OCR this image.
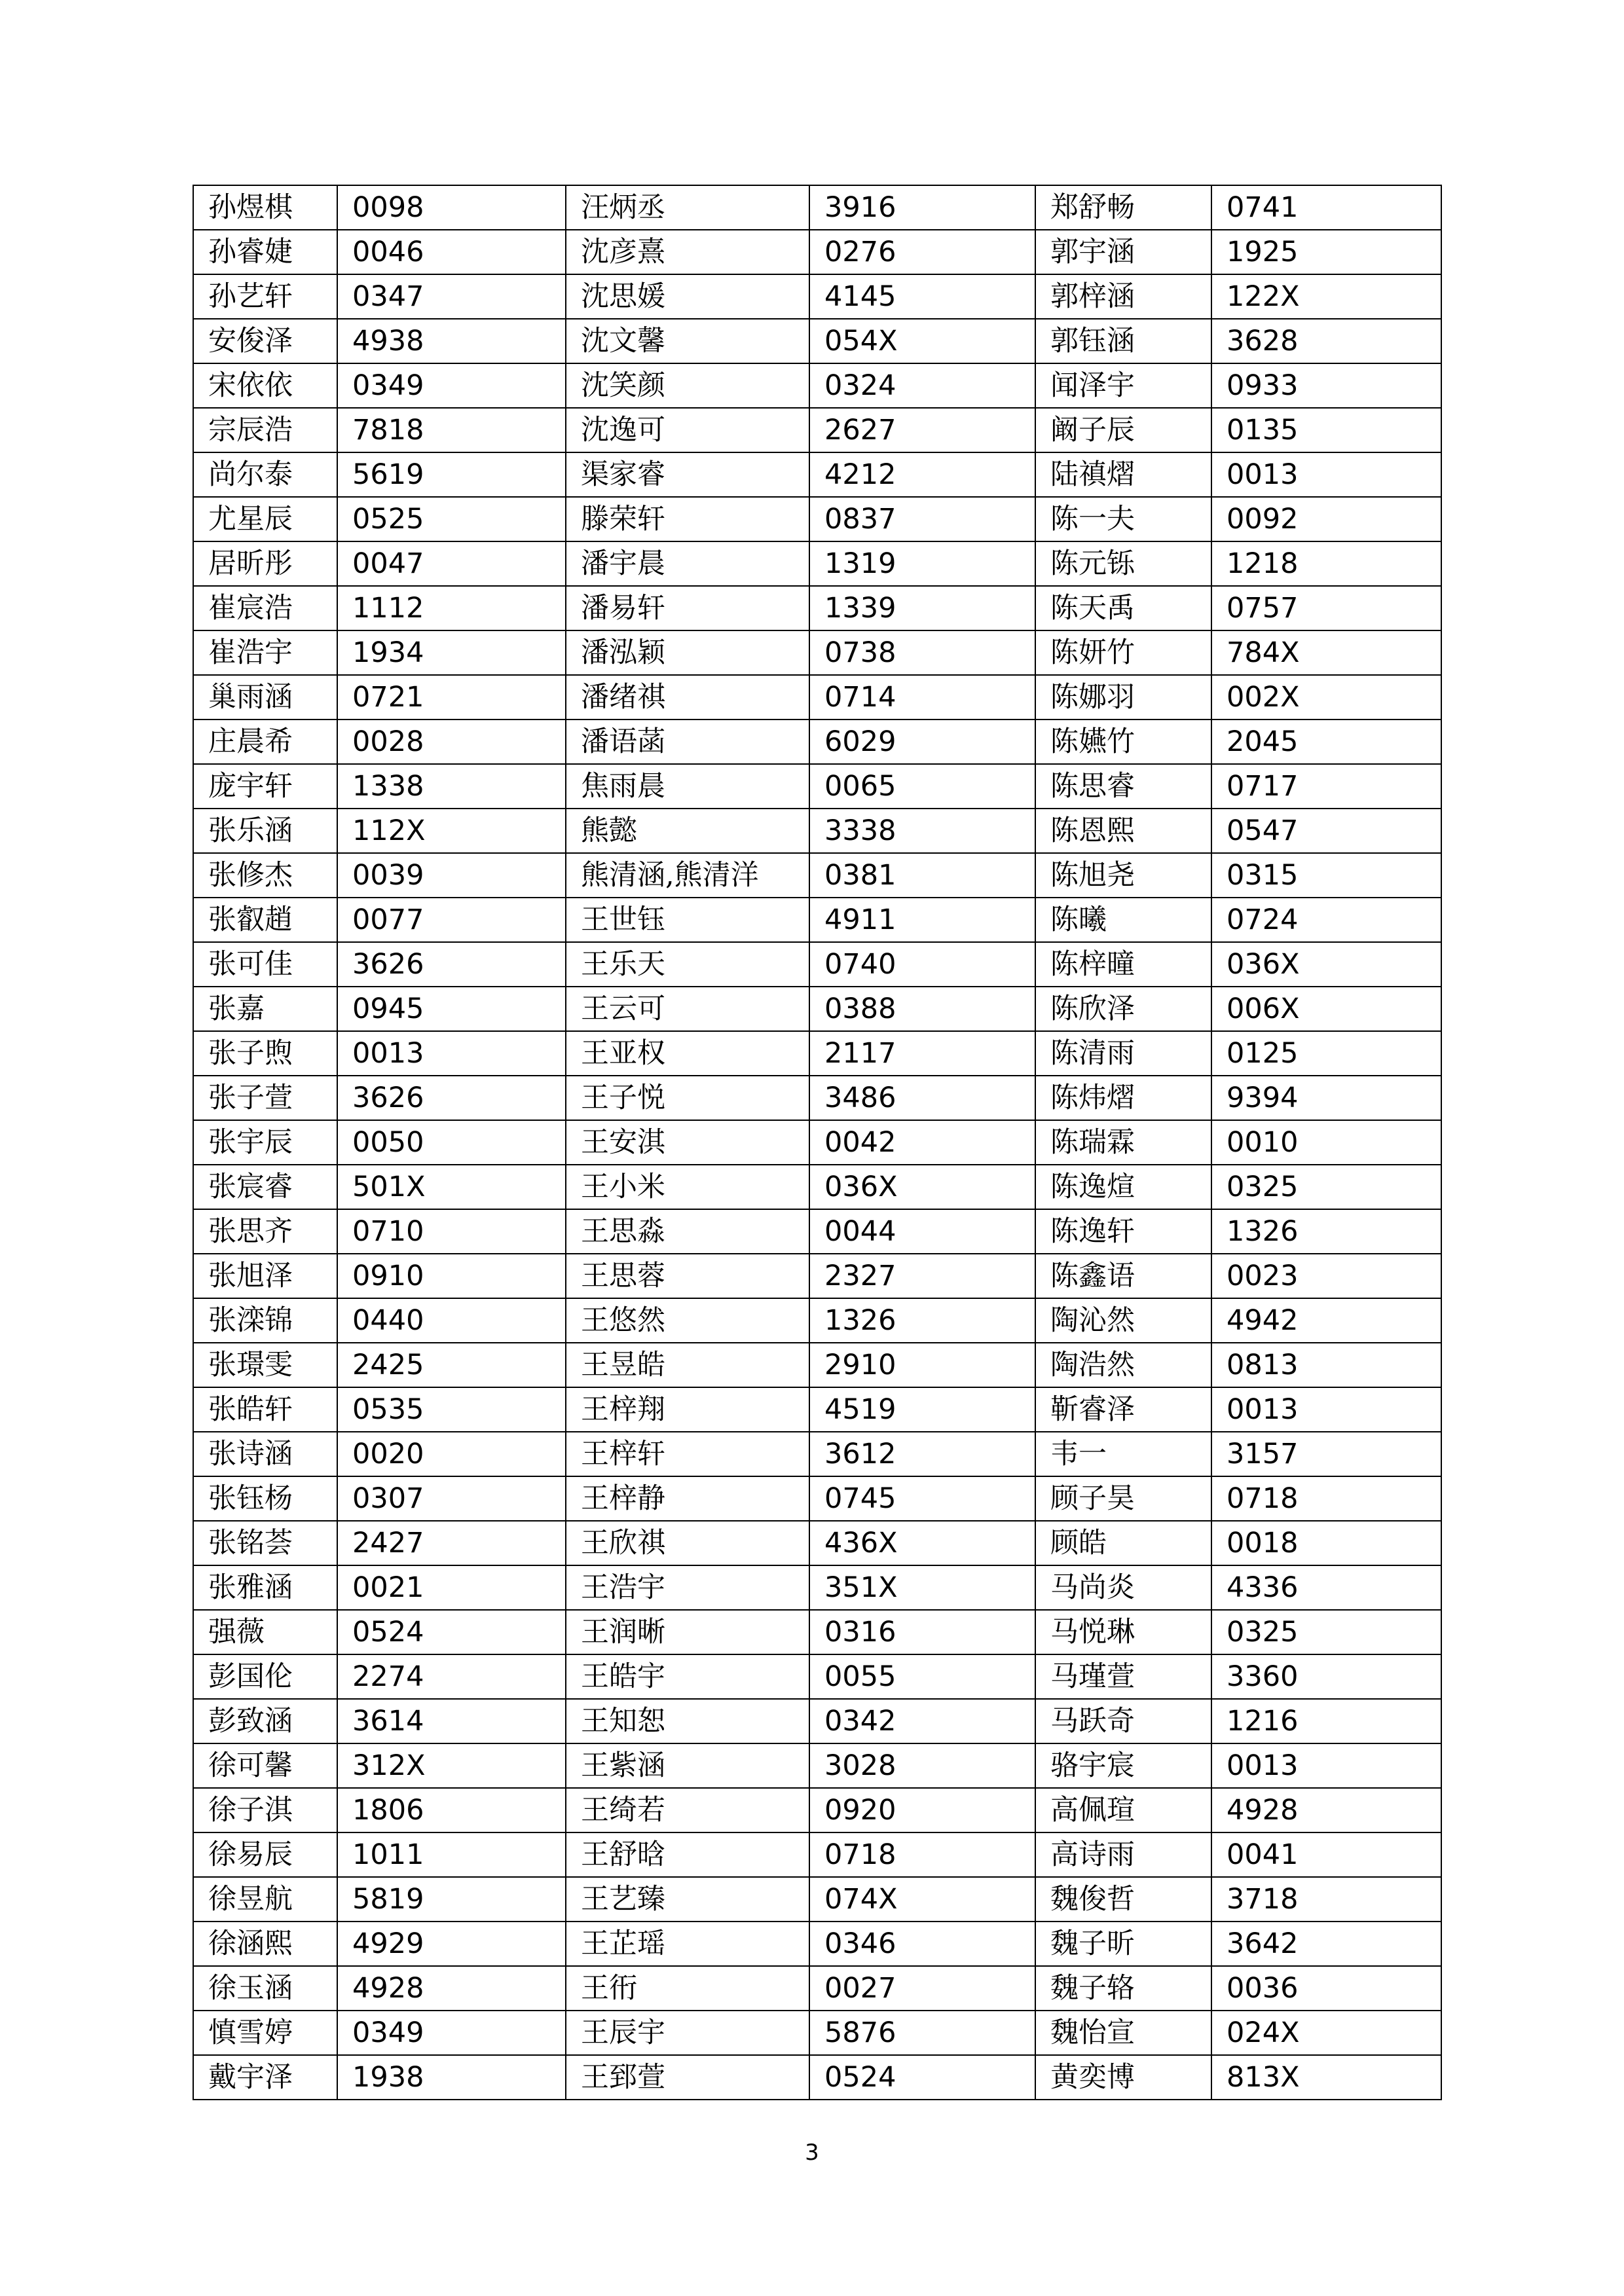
孙煜棋	0098	汪炳丞	3916	郑舒畅	0741
孙睿婕	0046	沈彦熹	0276	郭宇涵	1925
孙艺轩	0347	沈思媛	4145	郭梓涵	122X
安俊泽	4938	沈文馨	054X	郭钰涵	3628
宋依依	0349	沈笑颜	0324	闻泽宇	0933
宗辰浩	7818	沈逸可	2627	阚子辰	0135
尚尔泰	5619	渠家睿	4212	陆禛熠	0013
尤星辰	0525	滕荣轩	0837	陈一夫	0092
居昕彤	0047	潘宇晨	1319	陈元铄	1218
崔宸浩	1112	潘易轩	1339	陈天禹	0757
崔浩宇	1934	潘泓颖	0738	陈妍竹	784X
巢雨涵	0721	潘绪祺	0714	陈娜羽	002X
庄晨希	0028	潘语菡	6029	陈嬿竹	2045
庞宇轩	1338	焦雨晨	0065	陈思睿	0717
张乐涵	112X	熊懿	3338	陈恩熙	0547
张修杰	0039	熊清涵,熊清洋	0381	陈旭尧	0315
张叡趙	0077	王世钰	4911	陈曦	0724
张可佳	3626	王乐天	0740	陈梓曈	036X
张嘉	0945	王云可	0388	陈欣泽	006X
张子煦	0013	王亚权	2117	陈清雨	0125
张子萱	3626	王子悦	3486	陈炜熠	9394
张宇辰	0050	王安淇	0042	陈瑞霖	0010
张宸睿	501X	王小米	036X	陈逸煊	0325
张思齐	0710	王思淼	0044	陈逸轩	1326
张旭泽	0910	王思蓉	2327	陈鑫语	0023
张滦锦	0440	王悠然	1326	陶沁然	4942
张璟雯	2425	王昱皓	2910	陶浩然	0813
张皓轩	0535	王梓翔	4519	靳睿泽	0013
张诗涵	0020	王梓轩	3612	韦一	3157
张钰杨	0307	王梓静	0745	顾子昊	0718
张铭荟	2427	王欣祺	436X	顾皓	0018
张雅涵	0021	王浩宇	351X	马尚炎	4336
强薇	0524	王润晰	0316	马悦琳	0325
彭国伦	2274	王皓宇	0055	马瑾萱	3360
彭致涵	3614	王知恕	0342	马跃奇	1216
徐可馨	312X	王紫涵	3028	骆宇宸	0013
徐子淇	1806	王绮若	0920	高佩瑄	4928
徐易辰	1011	王舒晗	0718	高诗雨	0041
徐昱航	5819	王艺臻	074X	魏俊哲	3718
徐涵熙	4929	王芷瑶	0346	魏子昕	3642
徐玉涵	4928	王衎	0027	魏子辂	0036
慎雪婷	0349	王辰宇	5876	魏怡宣	024X
戴宇泽	1938	王郅萱	0524	黄奕博	813X
3
